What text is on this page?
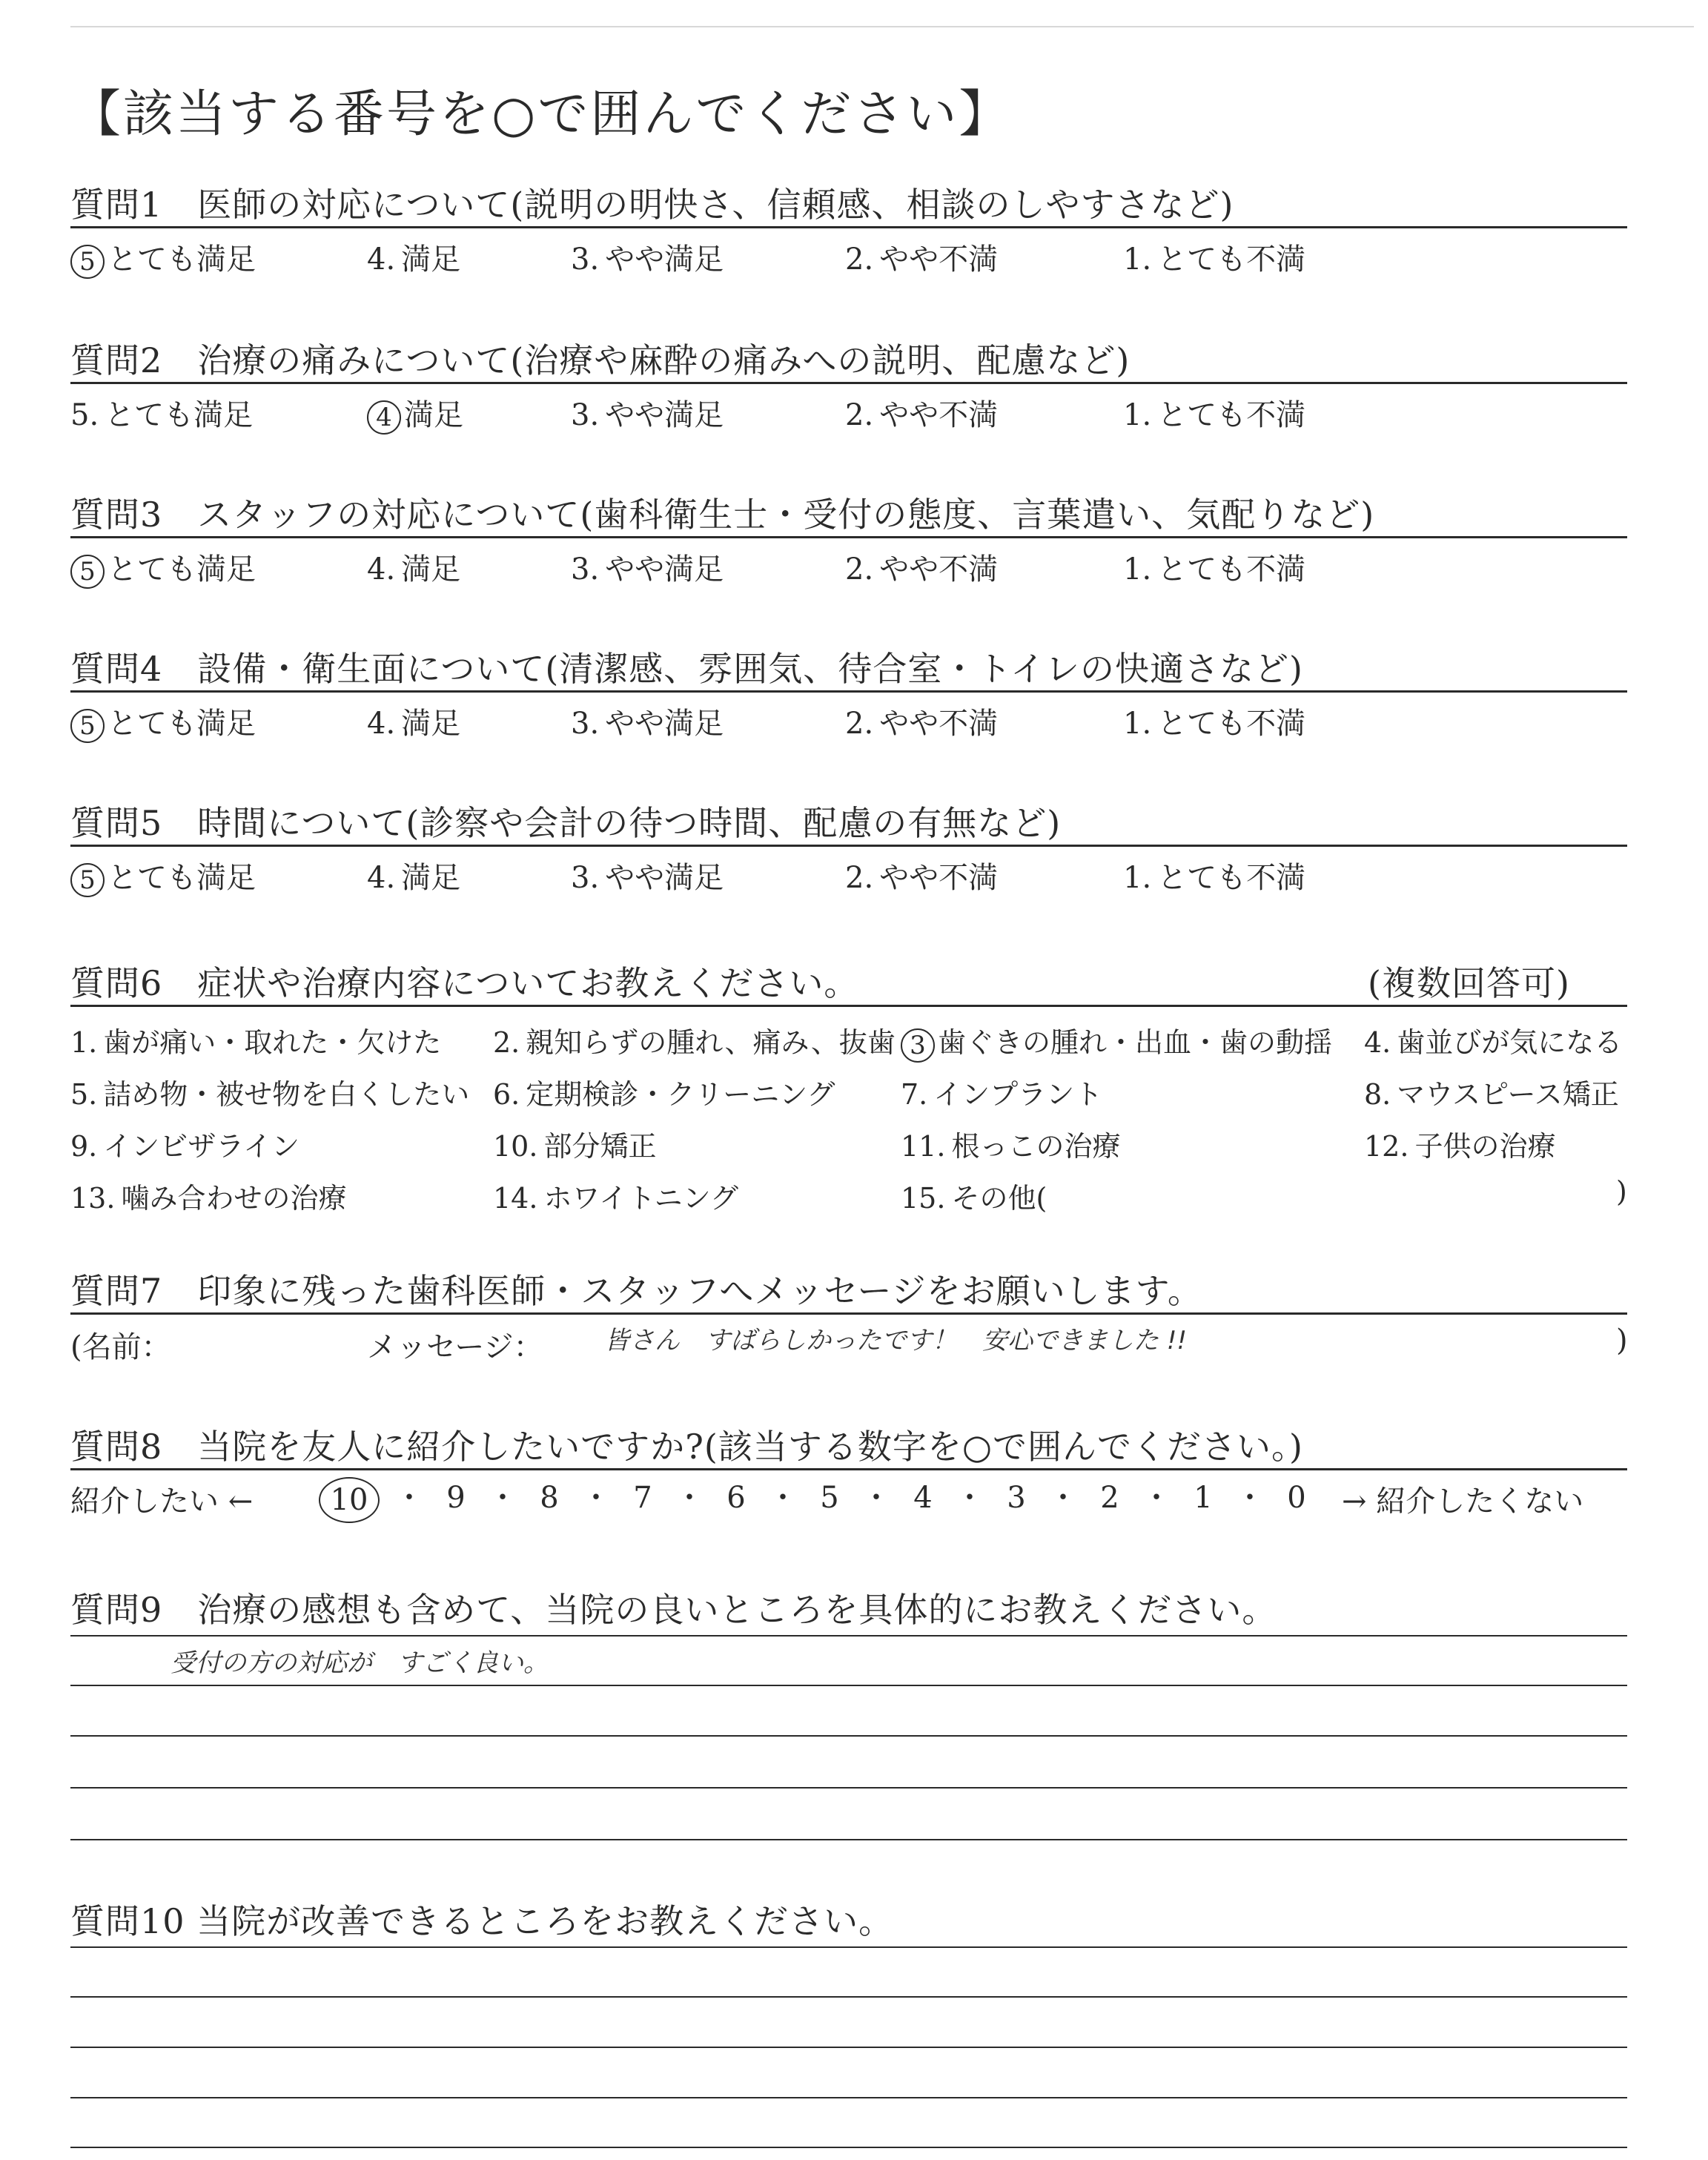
【該当する番号を○で囲んでください】
質問1　医師の対応について(説明の明快さ、信頼感、相談のしやすさなど)
5 とても満足	4. 満足	3. やや満足	2. やや不満	1. とても不満
質問2　治療の痛みについて(治療や麻酔の痛みへの説明、配慮など)
5. とても満足	4 満足	3. やや満足	2. やや不満	1. とても不満
質問3　スタッフの対応について(歯科衛生士・受付の態度、言葉遣い、気配りなど)
5 とても満足	4. 満足	3. やや満足	2. やや不満	1. とても不満
質問4　設備・衛生面について(清潔感、雰囲気、待合室・トイレの快適さなど)
5 とても満足	4. 満足	3. やや満足	2. やや不満	1. とても不満
質問5　時間について(診察や会計の待つ時間、配慮の有無など)
5 とても満足	4. 満足	3. やや満足	2. やや不満	1. とても不満
質問6　症状や治療内容についてお教えください。	(複数回答可)
1. 歯が痛い・取れた・欠けた 2. 親知らずの腫れ、痛み、抜歯 3 歯ぐきの腫れ・出血・歯の動揺 4. 歯並びが気になる
5. 詰め物・被せ物を白くしたい 6. 定期検診・クリーニング 7. インプラント	8. マウスピース矯正
9. インビザライン	10. 部分矯正	11. 根っこの治療	12. 子供の治療
13. 噛み合わせの治療	14. ホワイトニング	15. その他(	)
質問7　印象に残った歯科医師・スタッフへメッセージをお願いします。
(名前：	メッセージ： 皆さん　すばらしかったです！　安心できました !!	)
質問8　当院を友人に紹介したいですか?(該当する数字を○で囲んでください。)
紹介したい ←	10 ・ 9 ・ 8 ・ 7 ・ 6 ・ 5 ・ 4 ・ 3 ・ 2 ・ 1 ・ 0 → 紹介したくない
質問9　治療の感想も含めて、当院の良いところを具体的にお教えください。
受付の方の対応が　すごく良い。
質問10 当院が改善できるところをお教えください。
